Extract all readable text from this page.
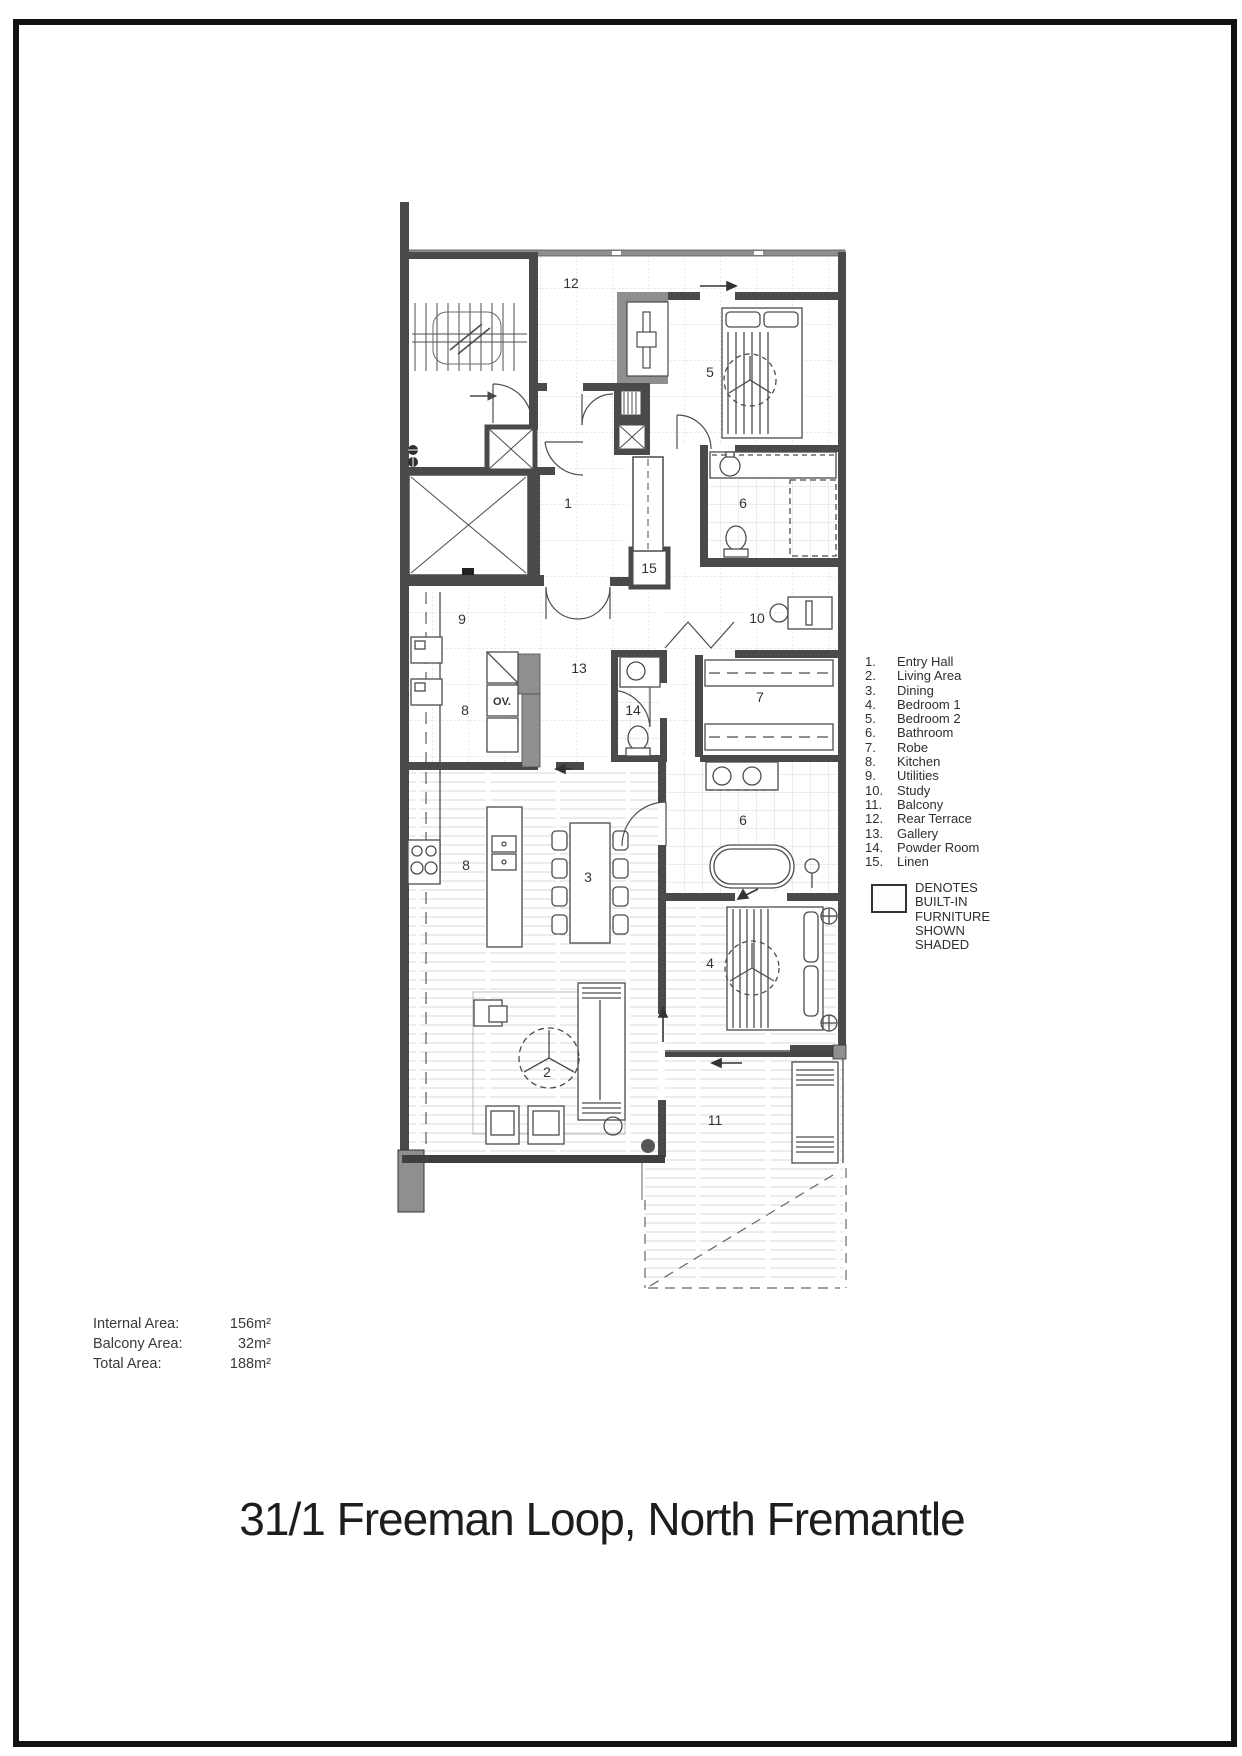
1
2
3
4
5
6
6
7
8
8
9	10
11
12
13
14
15
OV.
1. Entry Hall
2. Living Area
3. Dining
4. Bedroom 1
5. Bedroom 2
6. Bathroom
7. Robe
8. Kitchen
9. Utilities
10. Study
11. Balcony
12. Rear Terrace
13. Gallery
14. Powder Room
15. Linen
DENOTES BUILT-IN FURNITURE SHOWN SHADED
Internal Area:	156m²
Balcony Area:	32m²
Total Area:	188m²
31/1 Freeman Loop, North Fremantle
